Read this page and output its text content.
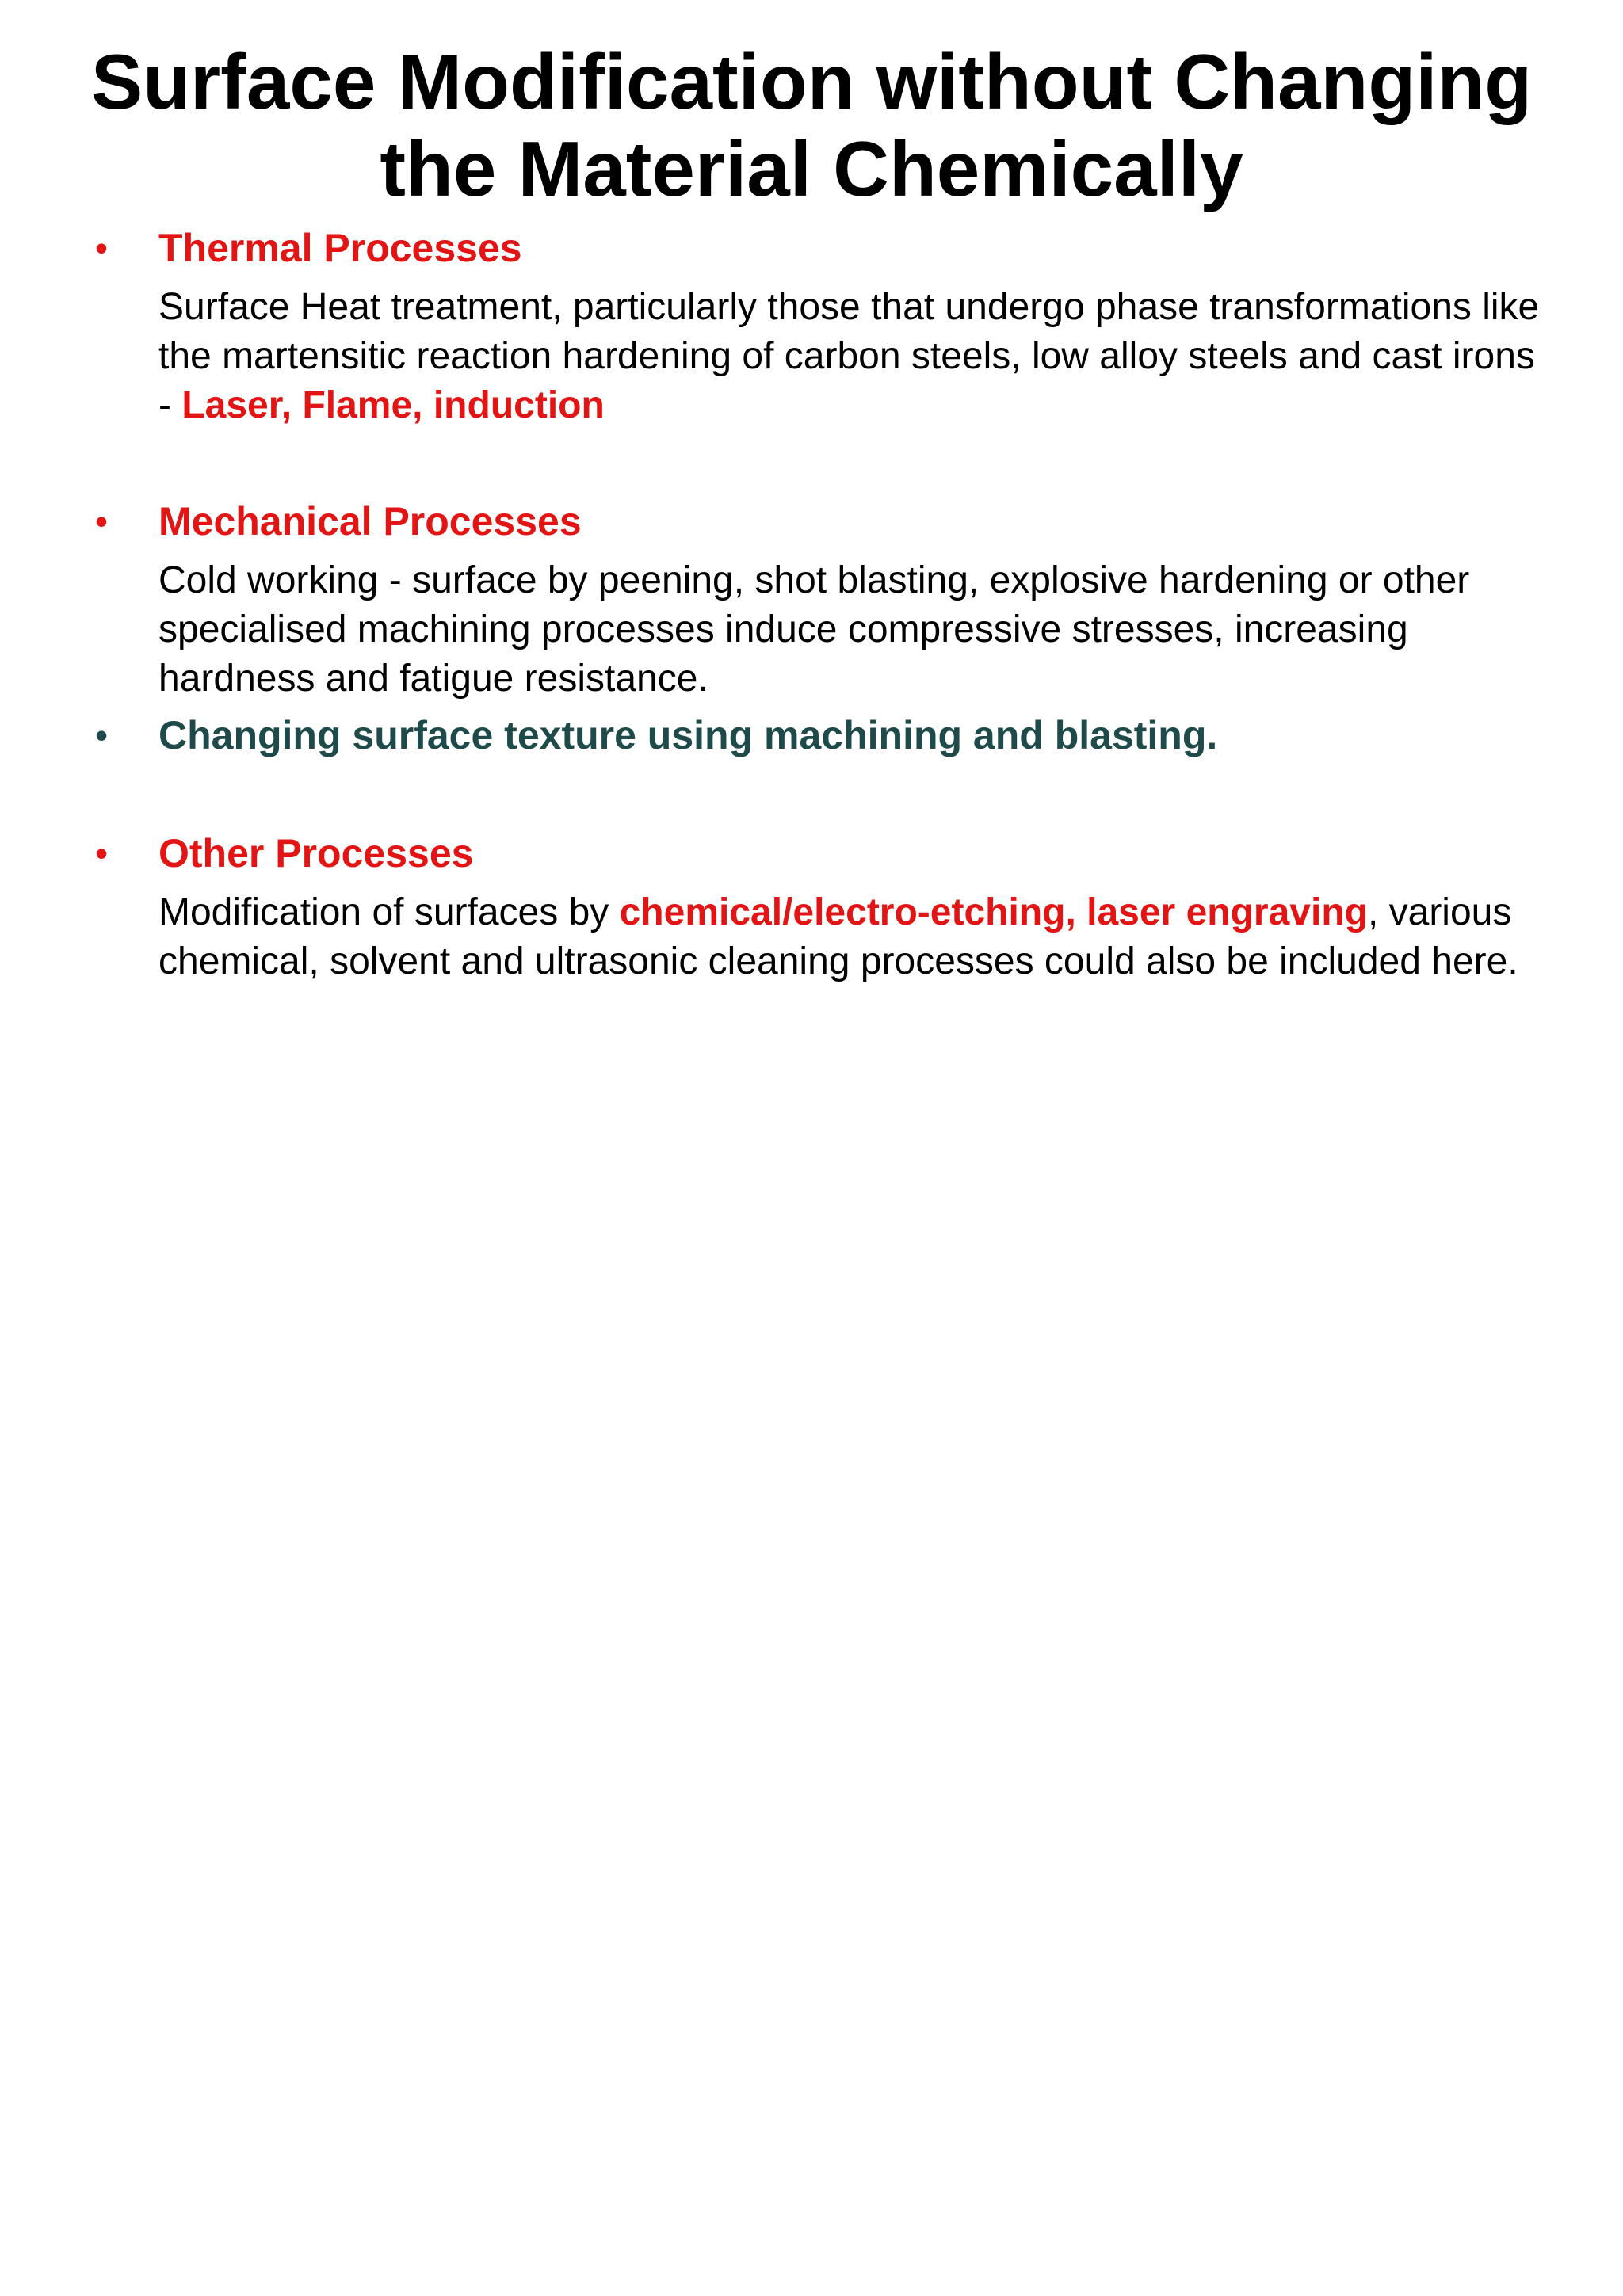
Surface Modification without Changing
the Material Chemically
• Thermal Processes

Surface Heat treatment, particularly those that undergo phase transformations like the martensitic reaction hardening of carbon steels, low alloy steels and cast irons - Laser, Flame, induction

• Mechanical Processes

Cold working - surface by peening, shot blasting, explosive hardening or other specialised machining processes induce compressive stresses, increasing hardness and fatigue resistance.

• Changing surface texture using machining and blasting.
• Other Processes

Modification of surfaces by chemical/electro-etching, laser engraving, various chemical, solvent and ultrasonic cleaning processes could also be included here.
